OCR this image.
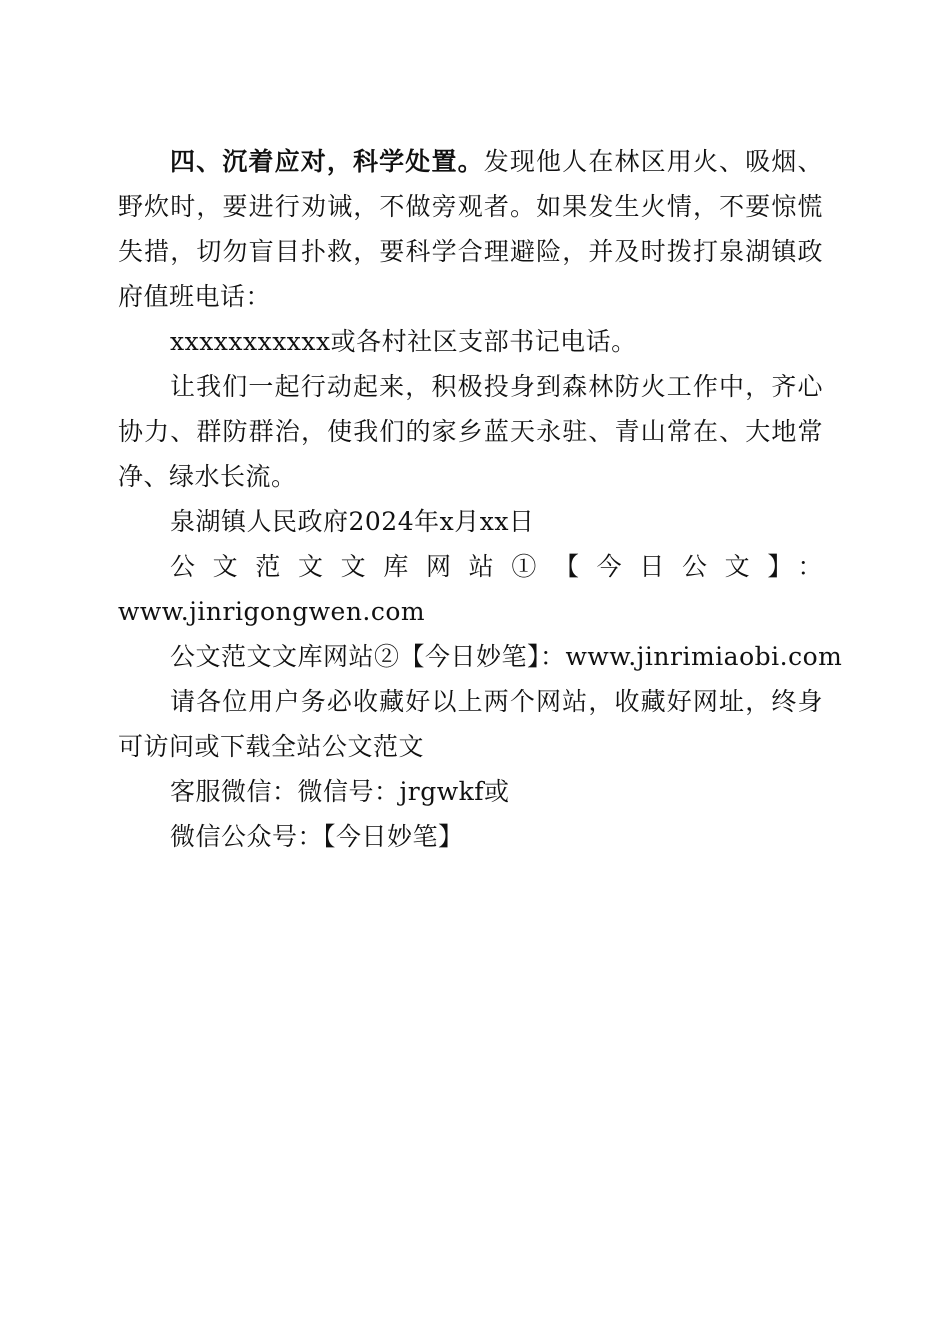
四、沉着应对，科学处置。发现他人在林区用火、吸烟、野炊时，要进行劝诫，不做旁观者。如果发生火情，不要惊慌失措，切勿盲目扑救，要科学合理避险，并及时拨打泉湖镇政府值班电话：

xxxxxxxxxxx或各村社区支部书记电话。

让我们一起行动起来，积极投身到森林防火工作中，齐心协力、群防群治，使我们的家乡蓝天永驻、青山常在、大地常净、绿水长流。

泉湖镇人民政府2024年x月xx日

公文范文文库网站①【今日公文】：

www.jinrigongwen.com

公文范文文库网站②【今日妙笔】：www.jinrimiaobi.com

请各位用户务必收藏好以上两个网站，收藏好网址，终身可访问或下载全站公文范文

客服微信：微信号：jrgwkf或

微信公众号：【今日妙笔】
